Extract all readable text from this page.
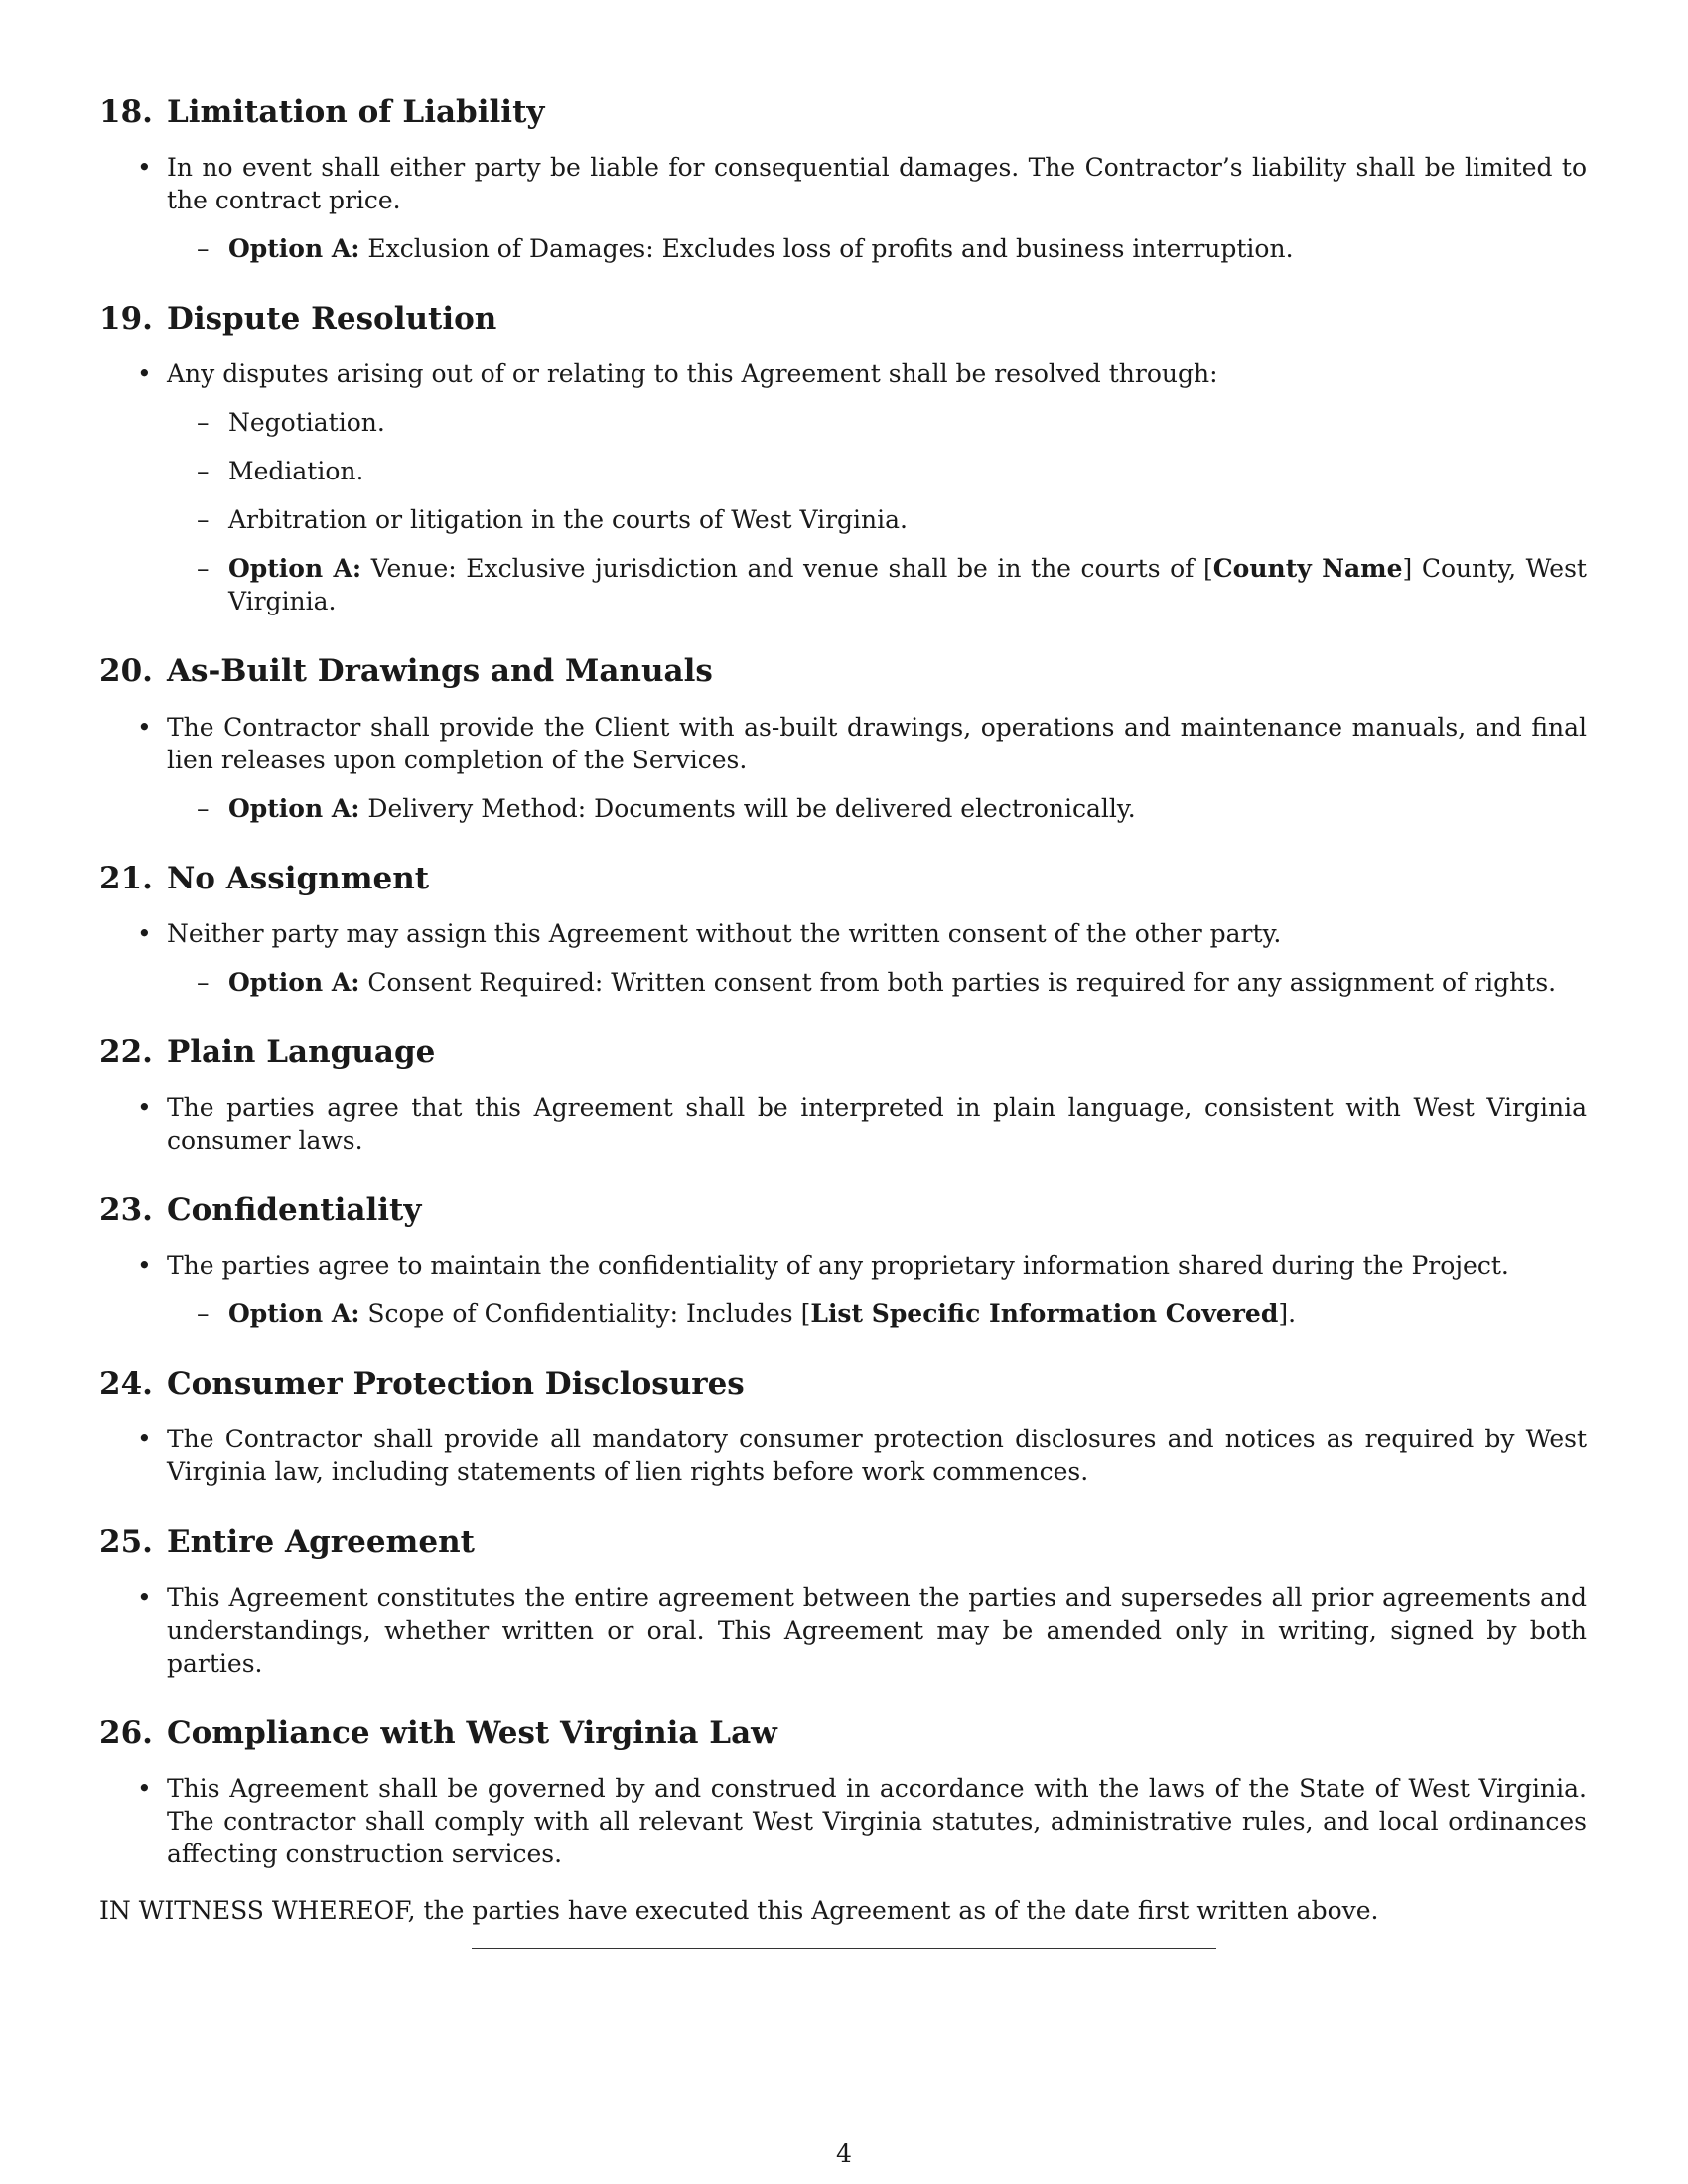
18. Limitation of Liability
• In no event shall either party be liable for consequential damages. The Contractor’s liability shall be limited to the contract price.
– Option A: Exclusion of Damages: Excludes loss of profits and business interruption.
19. Dispute Resolution
• Any disputes arising out of or relating to this Agreement shall be resolved through:
– Negotiation.
– Mediation.
– Arbitration or litigation in the courts of West Virginia.
– Option A: Venue: Exclusive jurisdiction and venue shall be in the courts of [County Name] County, West Virginia.
20. As-Built Drawings and Manuals
• The Contractor shall provide the Client with as-built drawings, operations and maintenance manuals, and final lien releases upon completion of the Services.
– Option A: Delivery Method: Documents will be delivered electronically.
21. No Assignment
• Neither party may assign this Agreement without the written consent of the other party.
– Option A: Consent Required: Written consent from both parties is required for any assignment of rights.
22. Plain Language
• The parties agree that this Agreement shall be interpreted in plain language, consistent with West Virginia consumer laws.
23. Confidentiality
• The parties agree to maintain the confidentiality of any proprietary information shared during the Project.
– Option A: Scope of Confidentiality: Includes [List Specific Information Covered].
24. Consumer Protection Disclosures
• The Contractor shall provide all mandatory consumer protection disclosures and notices as required by West Virginia law, including statements of lien rights before work commences.
25. Entire Agreement
• This Agreement constitutes the entire agreement between the parties and supersedes all prior agreements and understandings, whether written or oral. This Agreement may be amended only in writing, signed by both parties.
26. Compliance with West Virginia Law
• This Agreement shall be governed by and construed in accordance with the laws of the State of West Virginia. The contractor shall comply with all relevant West Virginia statutes, administrative rules, and local ordinances affecting construction services.

IN WITNESS WHEREOF, the parties have executed this Agreement as of the date first written above.

4
